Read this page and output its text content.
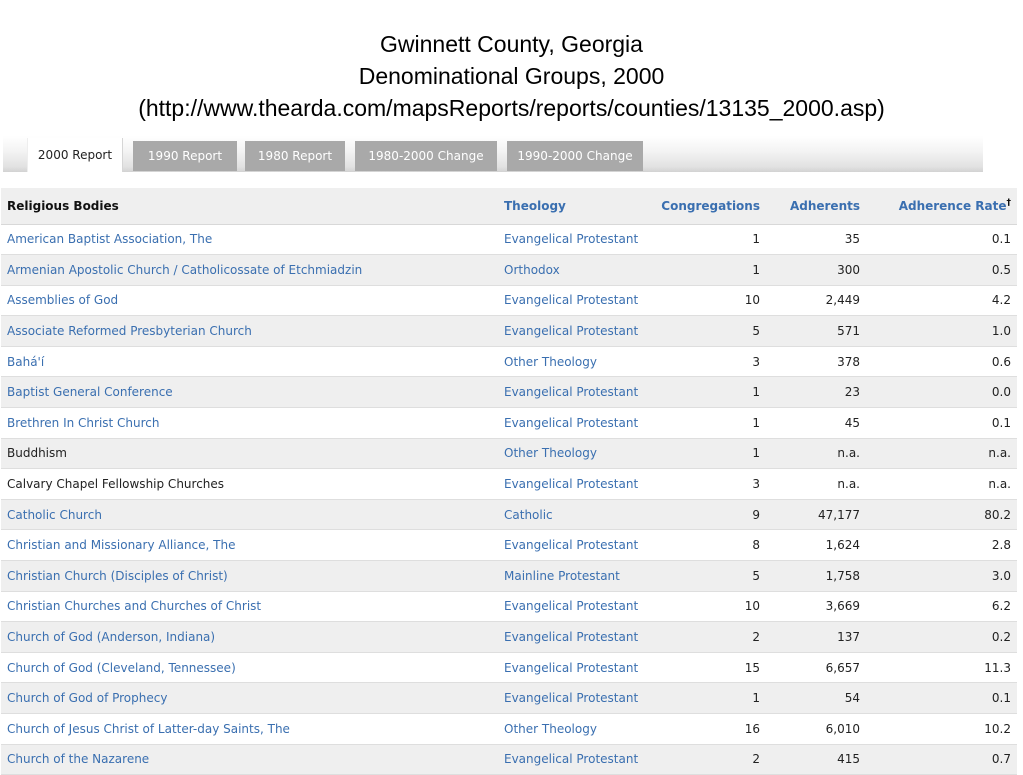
Gwinnett County, Georgia
Denominational Groups, 2000
(http://www.thearda.com/mapsReports/reports/counties/13135_2000.asp)
2000 Report	1990 Report	1980 Report	1980-2000 Change	1990-2000 Change
Religious Bodies	Theology	Congregations	Adherents	Adherence Rate†
American Baptist Association, The	Evangelical Protestant	1	35	0.1
Armenian Apostolic Church / Catholicossate of Etchmiadzin	Orthodox	1	300	0.5
Assemblies of God	Evangelical Protestant	10	2,449	4.2
Associate Reformed Presbyterian Church	Evangelical Protestant	5	571	1.0
Bahá'í	Other Theology	3	378	0.6
Baptist General Conference	Evangelical Protestant	1	23	0.0
Brethren In Christ Church	Evangelical Protestant	1	45	0.1
Buddhism	Other Theology	1	n.a.	n.a.
Calvary Chapel Fellowship Churches	Evangelical Protestant	3	n.a.	n.a.
Catholic Church	Catholic	9	47,177	80.2
Christian and Missionary Alliance, The	Evangelical Protestant	8	1,624	2.8
Christian Church (Disciples of Christ)	Mainline Protestant	5	1,758	3.0
Christian Churches and Churches of Christ	Evangelical Protestant	10	3,669	6.2
Church of God (Anderson, Indiana)	Evangelical Protestant	2	137	0.2
Church of God (Cleveland, Tennessee)	Evangelical Protestant	15	6,657	11.3
Church of God of Prophecy	Evangelical Protestant	1	54	0.1
Church of Jesus Christ of Latter-day Saints, The	Other Theology	16	6,010	10.2
Church of the Nazarene	Evangelical Protestant	2	415	0.7
